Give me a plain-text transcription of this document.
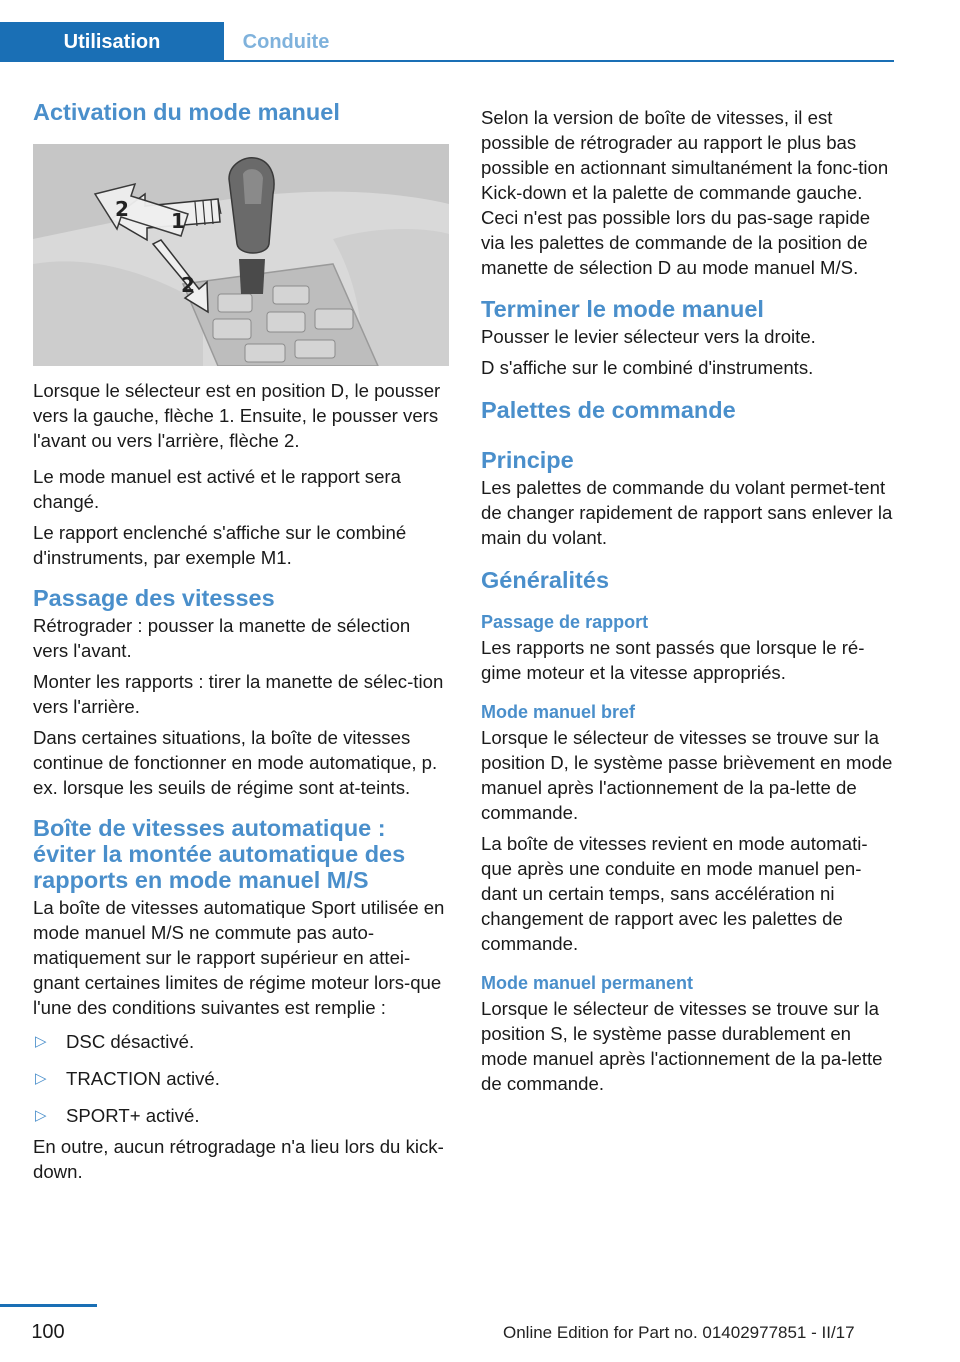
Utilisation	Conduite
Activation du mode manuel
1
2
2

Lorsque le sélecteur est en position D, le pousser vers la gauche, flèche 1. Ensuite, le pousser vers l'avant ou vers l'arrière, flèche 2.

Le mode manuel est activé et le rapport sera changé.

Le rapport enclenché s'affiche sur le combiné d'instruments, par exemple M1.

Passage des vitesses

Rétrograder : pousser la manette de sélection vers l'avant.

Monter les rapports : tirer la manette de sélec‐tion vers l'arrière.

Dans certaines situations, la boîte de vitesses continue de fonctionner en mode automatique, p. ex. lorsque les seuils de régime sont at‐teints.

Boîte de vitesses automatique : éviter la montée automatique des rapports en mode manuel M/S

La boîte de vitesses automatique Sport utilisée en mode manuel M/S ne commute pas auto‐matiquement sur le rapport supérieur en attei‐gnant certaines limites de régime moteur lors‐que l'une des conditions suivantes est remplie :

▷ DSC désactivé.
▷ TRACTION activé.
▷ SPORT+ activé.

En outre, aucun rétrogradage n'a lieu lors du kick-down.

Selon la version de boîte de vitesses, il est possible de rétrograder au rapport le plus bas possible en actionnant simultanément la fonc‐tion Kick-down et la palette de commande gauche. Ceci n'est pas possible lors du pas‐sage rapide via les palettes de commande de la position de manette de sélection D au mode manuel M/S.

Terminer le mode manuel

Pousser le levier sélecteur vers la droite.

D s'affiche sur le combiné d'instruments.

Palettes de commande
Principe

Les palettes de commande du volant permet‐tent de changer rapidement de rapport sans enlever la main du volant.

Généralités
Passage de rapport

Les rapports ne sont passés que lorsque le ré‐gime moteur et la vitesse appropriés.

Mode manuel bref

Lorsque le sélecteur de vitesses se trouve sur la position D, le système passe brièvement en mode manuel après l'actionnement de la pa‐lette de commande.

La boîte de vitesses revient en mode automati‐que après une conduite en mode manuel pen‐dant un certain temps, sans accélération ni changement de rapport avec les palettes de commande.

Mode manuel permanent

Lorsque le sélecteur de vitesses se trouve sur la position S, le système passe durablement en mode manuel après l'actionnement de la pa‐lette de commande.

100	Online Edition for Part no. 01402977851 - II/17
